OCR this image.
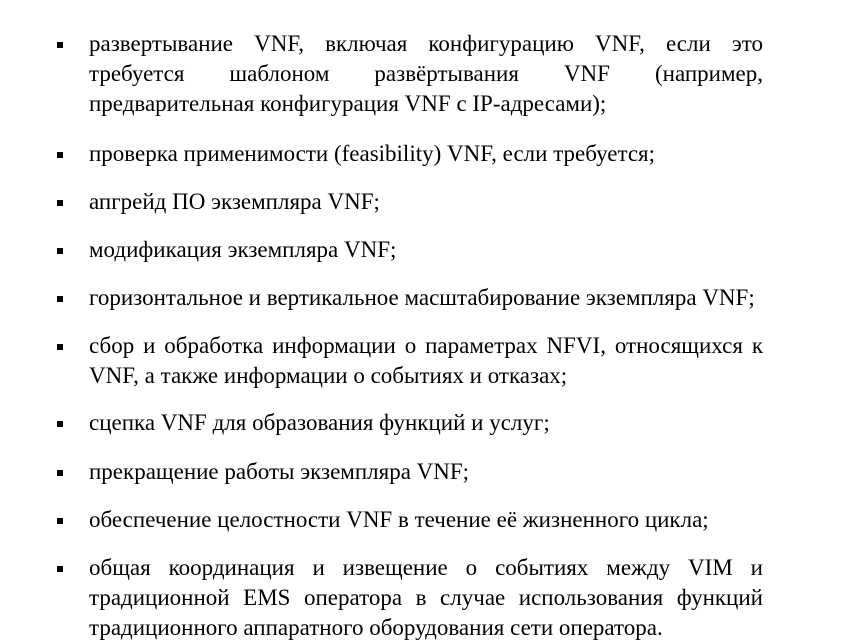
развертывание VNF, включая конфигурацию VNF, если это

требуется шаблоном развёртывания VNF (например,

предварительная конфигурация VNF с IP-адресами);

проверка применимости (feasibility) VNF, если требуется;

апгрейд ПО экземпляра VNF;

модификация экземпляра VNF;

горизонтальное и вертикальное масштабирование экземпляра VNF;

сбор и обработка информации о параметрах NFVI, относящихся к

VNF, а также информации о событиях и отказах;

сцепка VNF для образования функций и услуг;

прекращение работы экземпляра VNF;

обеспечение целостности VNF в течение её жизненного цикла;

общая координация и извещение о событиях между VIM и

традиционной EMS оператора в случае использования функций

традиционного аппаратного оборудования сети оператора.
